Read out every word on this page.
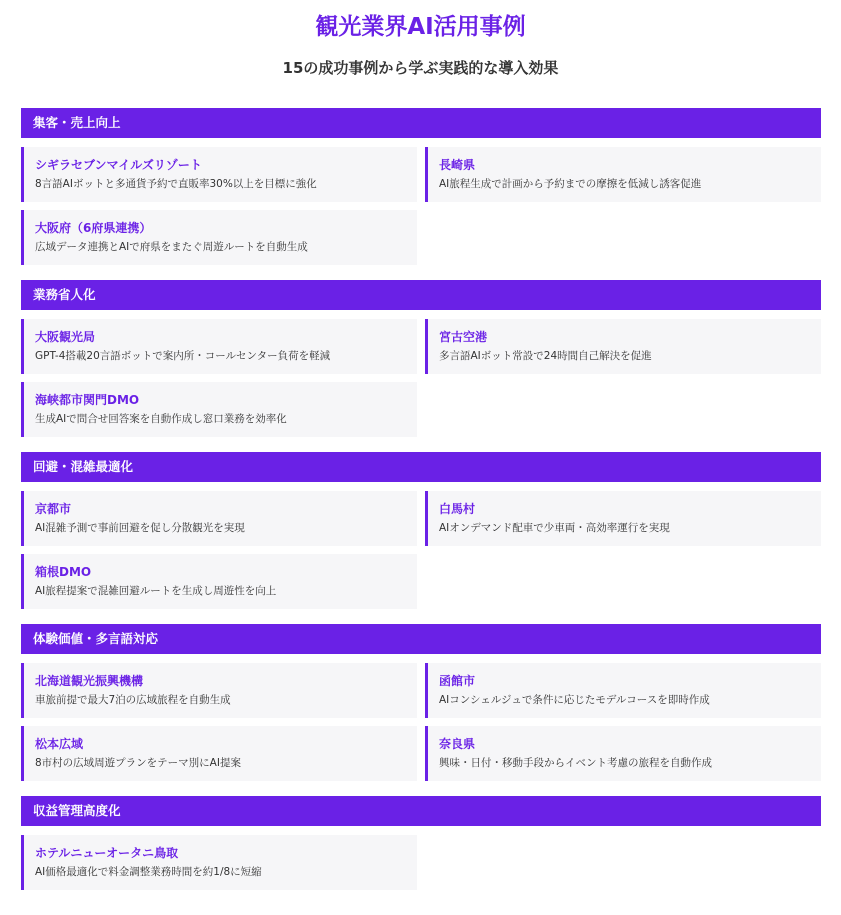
観光業界AI活用事例
15の成功事例から学ぶ実践的な導入効果
集客・売上向上
シギラセブンマイルズリゾート
8言語AIボットと多通貨予約で直販率30%以上を目標に強化
長崎県
AI旅程生成で計画から予約までの摩擦を低減し誘客促進
大阪府（6府県連携）
広域データ連携とAIで府県をまたぐ周遊ルートを自動生成
業務省人化
大阪観光局
GPT-4搭載20言語ボットで案内所・コールセンター負荷を軽減
宮古空港
多言語AIボット常設で24時間自己解決を促進
海峡都市関門DMO
生成AIで問合せ回答案を自動作成し窓口業務を効率化
回避・混雑最適化
京都市
AI混雑予測で事前回避を促し分散観光を実現
白馬村
AIオンデマンド配車で少車両・高効率運行を実現
箱根DMO
AI旅程提案で混雑回避ルートを生成し周遊性を向上
体験価値・多言語対応
北海道観光振興機構
車旅前提で最大7泊の広域旅程を自動生成
函館市
AIコンシェルジュで条件に応じたモデルコースを即時作成
松本広域
8市村の広域周遊プランをテーマ別にAI提案
奈良県
興味・日付・移動手段からイベント考慮の旅程を自動作成
収益管理高度化
ホテルニューオータニ鳥取
AI価格最適化で料金調整業務時間を約1/8に短縮
